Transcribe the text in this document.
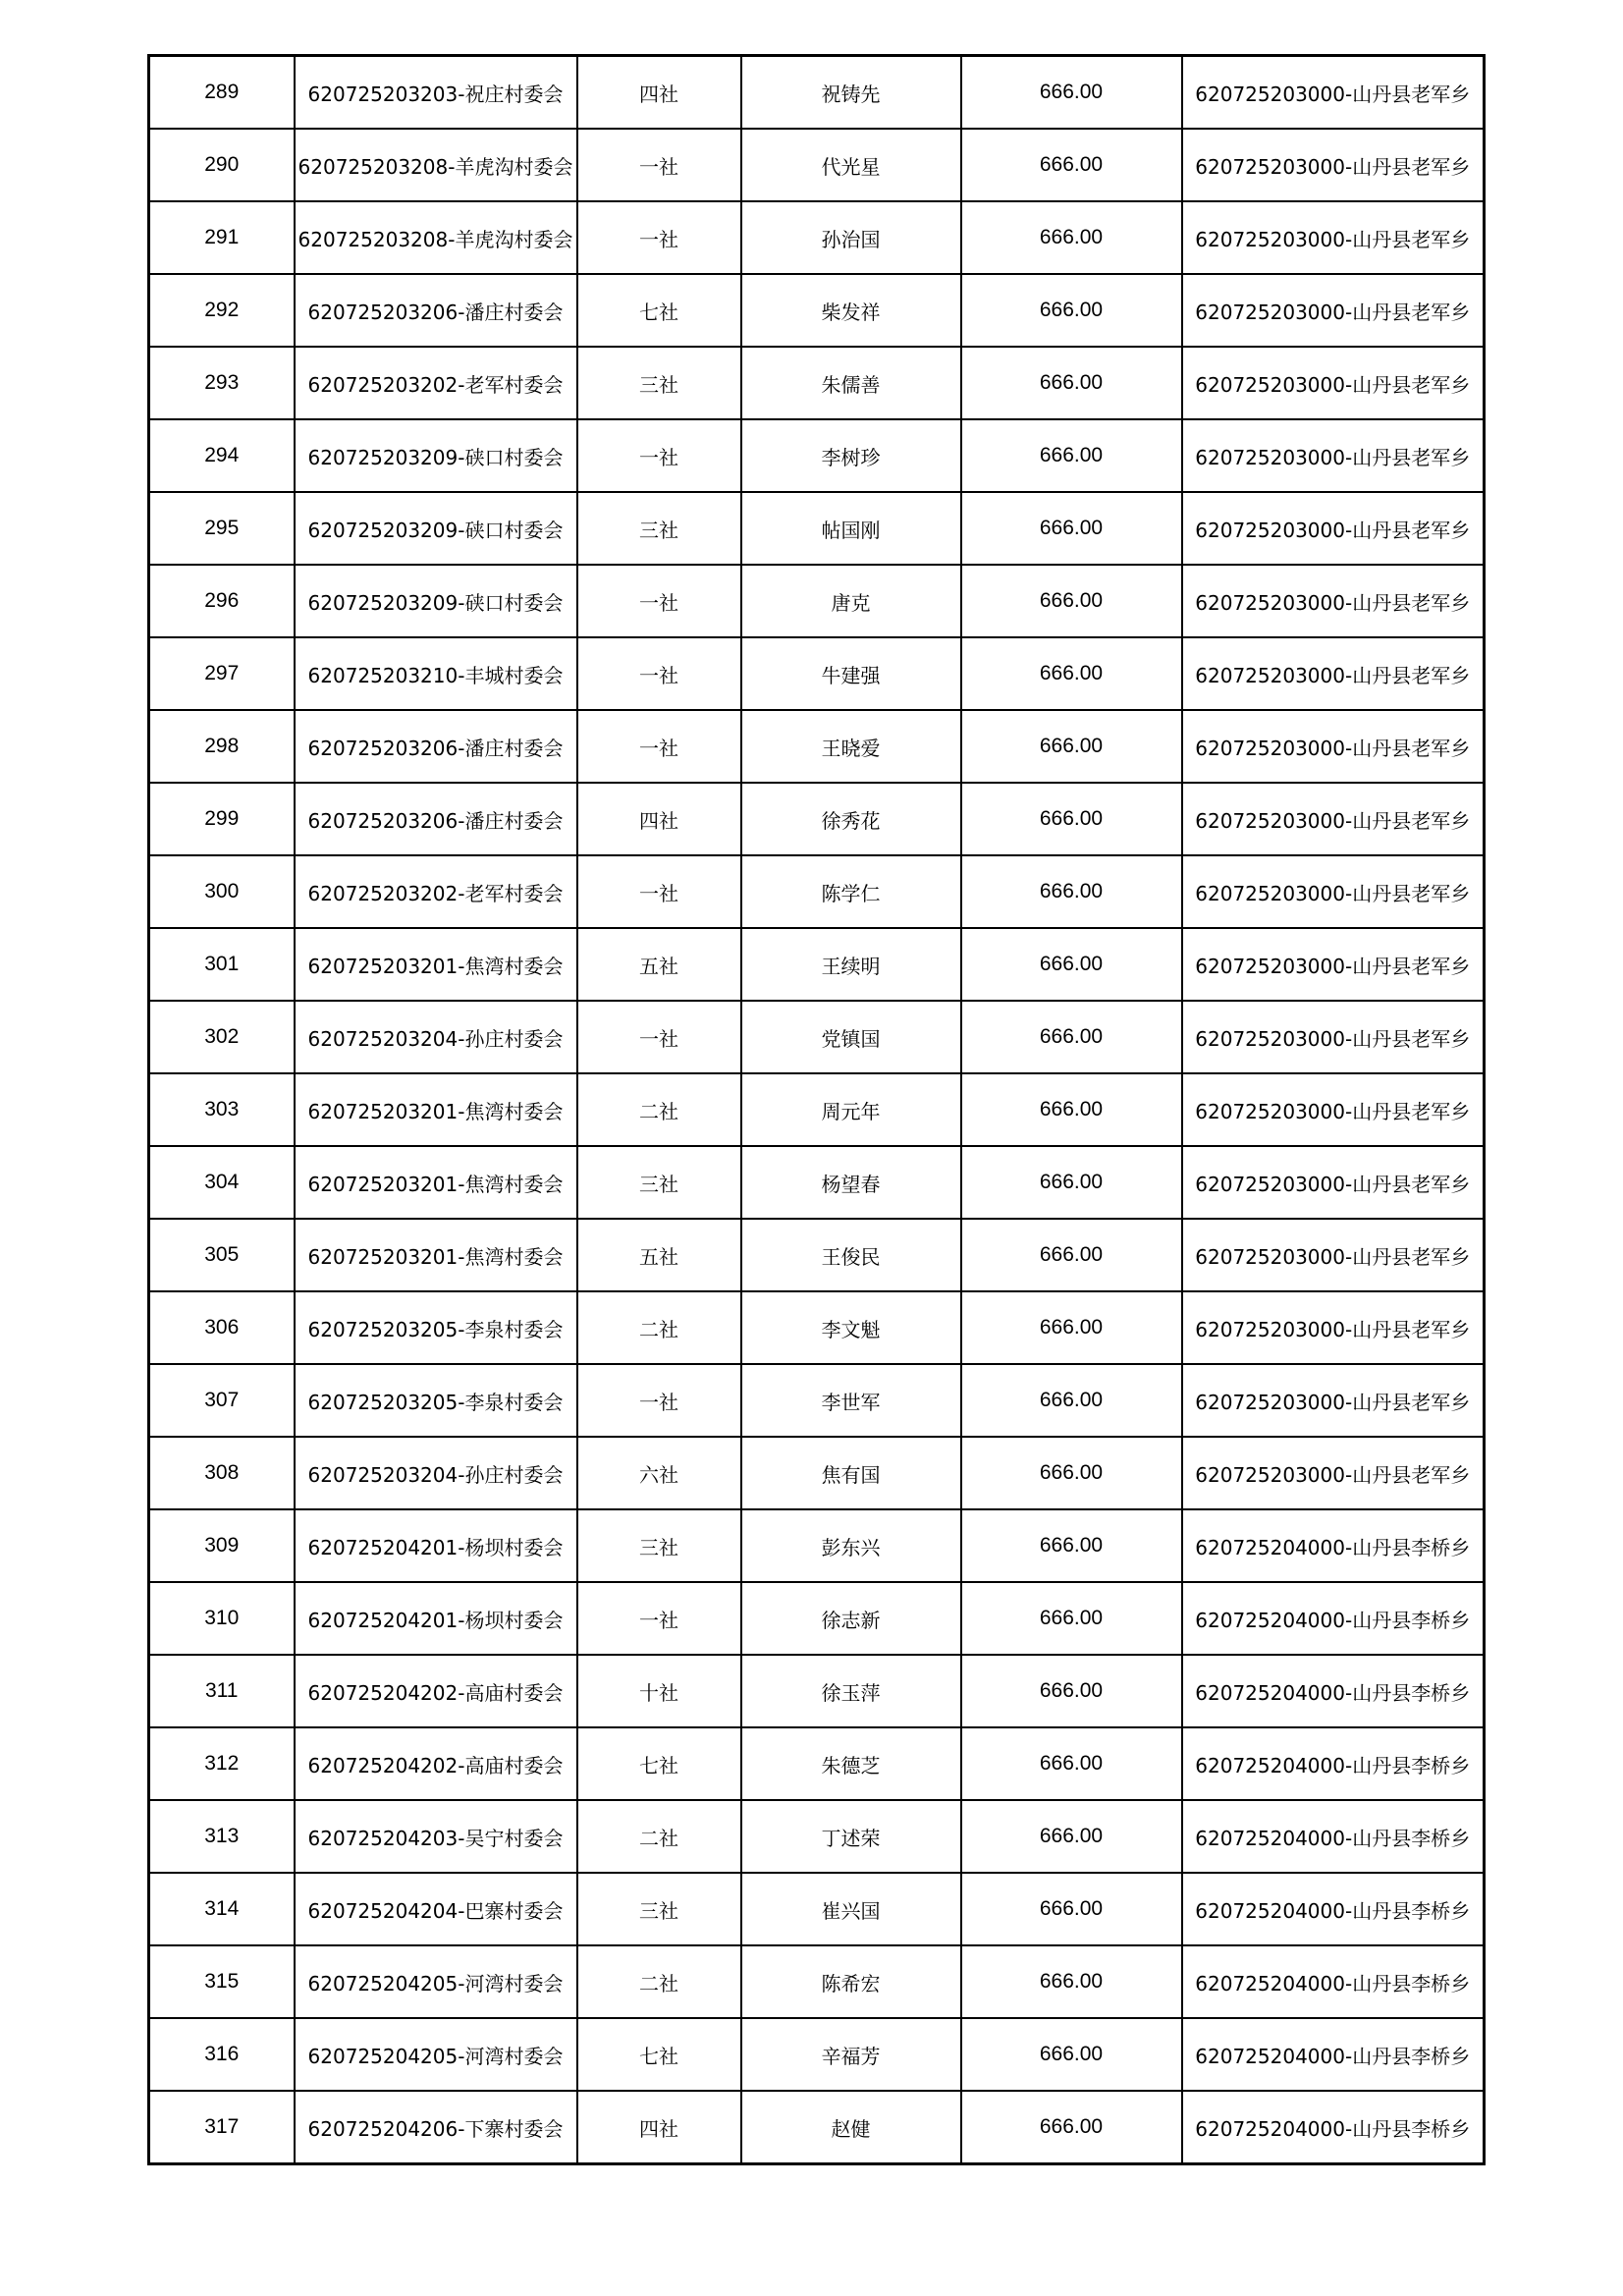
289	620725203203-祝庄村委会	四社	祝铸先	666.00	620725203000-山丹县老军乡
290	620725203208-羊虎沟村委会	一社	代光星	666.00	620725203000-山丹县老军乡
291	620725203208-羊虎沟村委会	一社	孙治国	666.00	620725203000-山丹县老军乡
292	620725203206-潘庄村委会	七社	柴发祥	666.00	620725203000-山丹县老军乡
293	620725203202-老军村委会	三社	朱儒善	666.00	620725203000-山丹县老军乡
294	620725203209-硖口村委会	一社	李树珍	666.00	620725203000-山丹县老军乡
295	620725203209-硖口村委会	三社	帖国刚	666.00	620725203000-山丹县老军乡
296	620725203209-硖口村委会	一社	唐克	666.00	620725203000-山丹县老军乡
297	620725203210-丰城村委会	一社	牛建强	666.00	620725203000-山丹县老军乡
298	620725203206-潘庄村委会	一社	王晓爱	666.00	620725203000-山丹县老军乡
299	620725203206-潘庄村委会	四社	徐秀花	666.00	620725203000-山丹县老军乡
300	620725203202-老军村委会	一社	陈学仁	666.00	620725203000-山丹县老军乡
301	620725203201-焦湾村委会	五社	王续明	666.00	620725203000-山丹县老军乡
302	620725203204-孙庄村委会	一社	党镇国	666.00	620725203000-山丹县老军乡
303	620725203201-焦湾村委会	二社	周元年	666.00	620725203000-山丹县老军乡
304	620725203201-焦湾村委会	三社	杨望春	666.00	620725203000-山丹县老军乡
305	620725203201-焦湾村委会	五社	王俊民	666.00	620725203000-山丹县老军乡
306	620725203205-李泉村委会	二社	李文魁	666.00	620725203000-山丹县老军乡
307	620725203205-李泉村委会	一社	李世军	666.00	620725203000-山丹县老军乡
308	620725203204-孙庄村委会	六社	焦有国	666.00	620725203000-山丹县老军乡
309	620725204201-杨坝村委会	三社	彭东兴	666.00	620725204000-山丹县李桥乡
310	620725204201-杨坝村委会	一社	徐志新	666.00	620725204000-山丹县李桥乡
311	620725204202-高庙村委会	十社	徐玉萍	666.00	620725204000-山丹县李桥乡
312	620725204202-高庙村委会	七社	朱德芝	666.00	620725204000-山丹县李桥乡
313	620725204203-吴宁村委会	二社	丁述荣	666.00	620725204000-山丹县李桥乡
314	620725204204-巴寨村委会	三社	崔兴国	666.00	620725204000-山丹县李桥乡
315	620725204205-河湾村委会	二社	陈希宏	666.00	620725204000-山丹县李桥乡
316	620725204205-河湾村委会	七社	辛福芳	666.00	620725204000-山丹县李桥乡
317	620725204206-下寨村委会	四社	赵健	666.00	620725204000-山丹县李桥乡
